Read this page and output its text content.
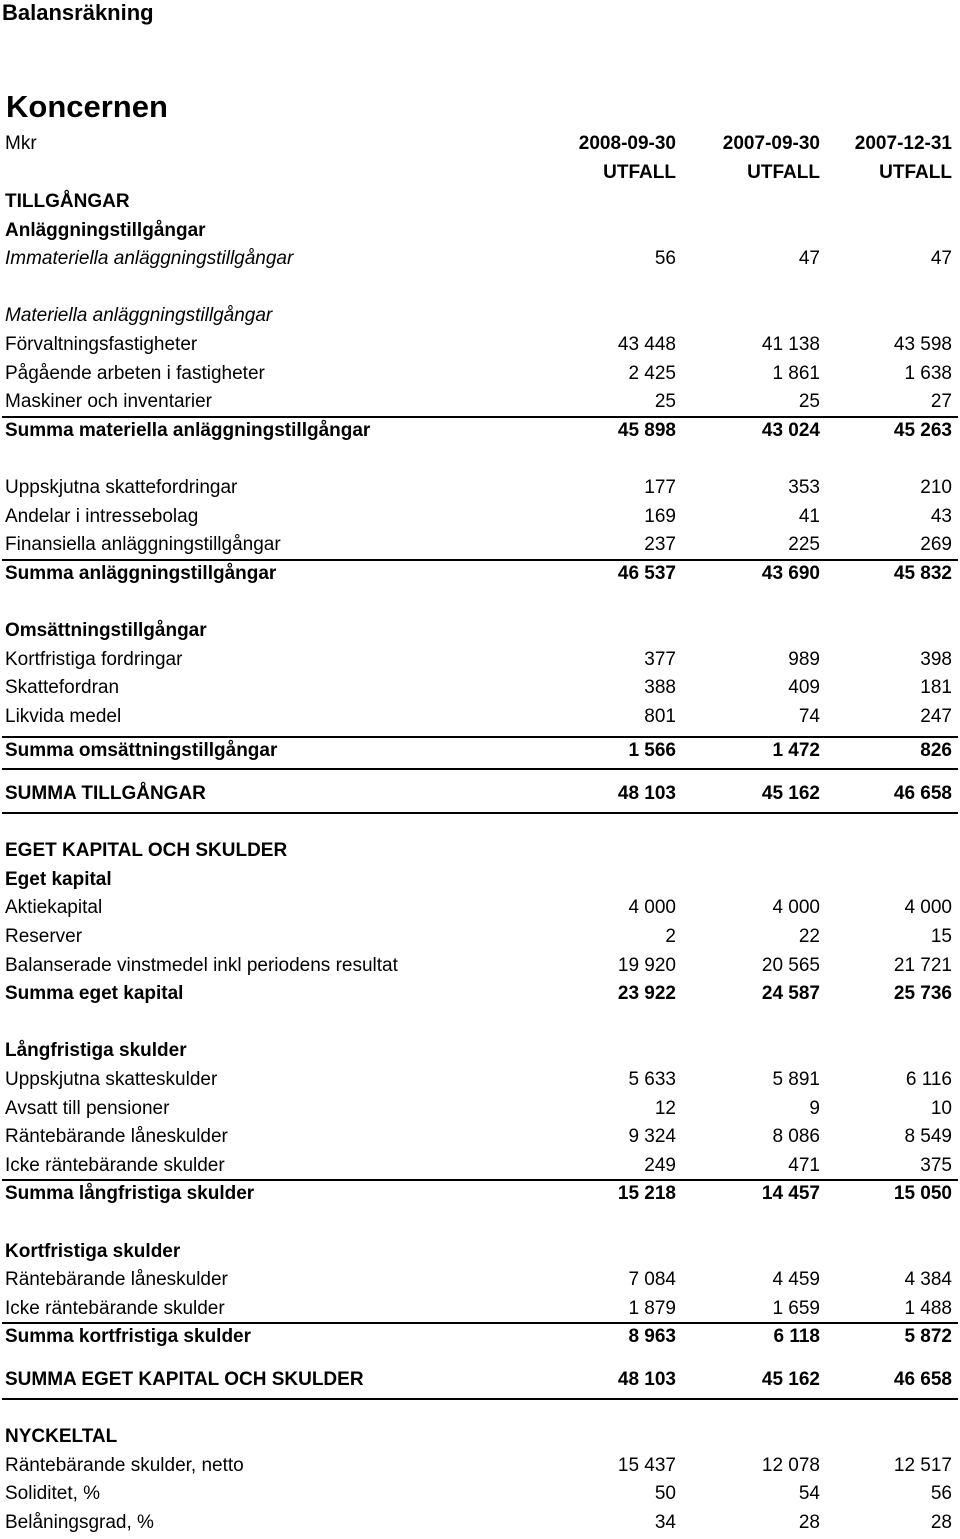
Balansräkning
Koncernen
Mkr	2008-09-30	2007-09-30	2007-12-31
UTFALL	UTFALL	UTFALL
TILLGÅNGAR
Anläggningstillgångar
Immateriella anläggningstillgångar	56	47	47
Materiella anläggningstillgångar
Förvaltningsfastigheter	43 448	41 138	43 598
Pågående arbeten i fastigheter	2 425	1 861	1 638
Maskiner och inventarier	25	25	27
Summa materiella anläggningstillgångar	45 898	43 024	45 263
Uppskjutna skattefordringar	177	353	210
Andelar i intressebolag	169	41	43
Finansiella anläggningstillgångar	237	225	269
Summa anläggningstillgångar	46 537	43 690	45 832
Omsättningstillgångar
Kortfristiga fordringar	377	989	398
Skattefordran	388	409	181
Likvida medel	801	74	247
Summa omsättningstillgångar	1 566	1 472	826
SUMMA TILLGÅNGAR	48 103	45 162	46 658
EGET KAPITAL OCH SKULDER
Eget kapital
Aktiekapital	4 000	4 000	4 000
Reserver	2	22	15
Balanserade vinstmedel inkl periodens resultat	19 920	20 565	21 721
Summa eget kapital	23 922	24 587	25 736
Långfristiga skulder
Uppskjutna skatteskulder	5 633	5 891	6 116
Avsatt till pensioner	12	9	10
Räntebärande låneskulder	9 324	8 086	8 549
Icke räntebärande skulder	249	471	375
Summa långfristiga skulder	15 218	14 457	15 050
Kortfristiga skulder
Räntebärande låneskulder	7 084	4 459	4 384
Icke räntebärande skulder	1 879	1 659	1 488
Summa kortfristiga skulder	8 963	6 118	5 872
SUMMA EGET KAPITAL OCH SKULDER	48 103	45 162	46 658
NYCKELTAL
Räntebärande skulder, netto	15 437	12 078	12 517
Soliditet, %	50	54	56
Belåningsgrad, %	34	28	28
